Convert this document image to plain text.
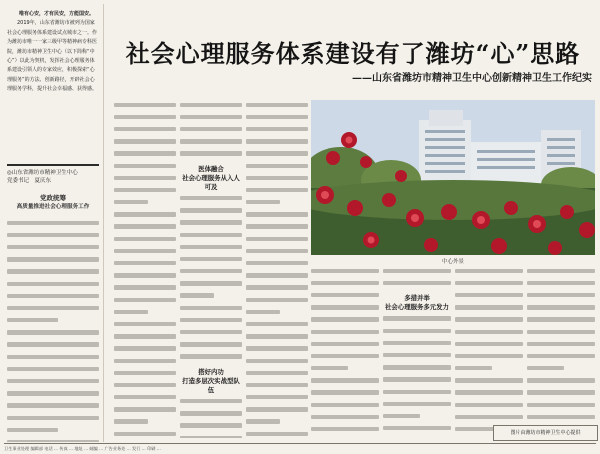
唯有心安，才有民安，方能国安。

2019年，山东省潍坊市被列为国家社会心理服务体系建设试点城市之一。作为潍坊市唯一一家三级甲等精神病专科医院，潍坊市精神卫生中心（以下简称“中心”）以此为契机，发挥社会心理服务体系建设引领人的专家效应，积极探索“心理服务”的方法、创新路径，开辟社会心理服务学科，提升社会幸福感、获得感。

◎山东省潍坊市精神卫生中心
党委书记　夏庆东
党政统筹
高质量推进社会心理服务工作
社会心理服务体系建设有了潍坊“心”思路
——山东省潍坊市精神卫生中心创新精神卫生工作纪实
医体融合
社会心理服务从入人可及
搭好内功
打造多层次实战型队伍
中心外景
多措并举
社会心理服务多元发力
图片由潍坊市精神卫生中心提供
卫生事业处理 编辑部 电话 ... 传真 ... 地址 ... 邮编 ... 广告业务处 ... 发行 ... 印刷 ...
